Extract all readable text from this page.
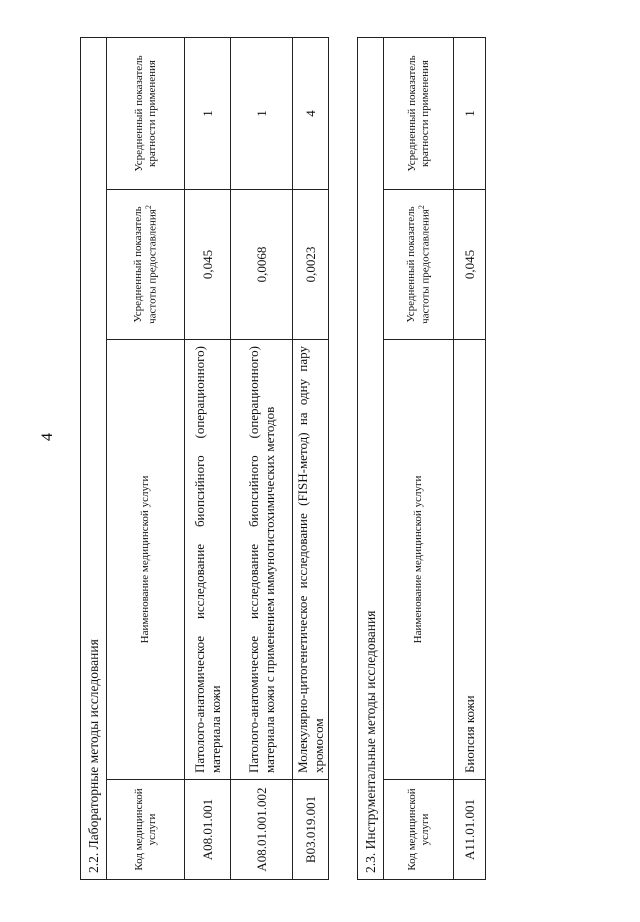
4
2.2. Лабораторные методы исследования			
Код медицинской услуги	Наименование медицинской услуги	Усредненный показатель частоты предоставления$^2$	Усредненный показатель кратности применения
A08.01.001	Патолого-анатомическое исследование биопсийного (операционного) материала кожи	0,045	1
A08.01.001.002	Патолого-анатомическое исследование биопсийного (операционного) материала кожи с применением иммуногистохимических методов	0,0068	1
B03.019.001	Молекулярно-цитогенетическое исследование (FISH-метод) на одну пару хромосом	0,0023	4
2.3. Инструментальные методы исследования			
Код медицинской услуги	Наименование медицинской услуги	Усредненный показатель частоты предоставления$^2$	Усредненный показатель кратности применения
A11.01.001	Биопсия кожи	0,045	1
